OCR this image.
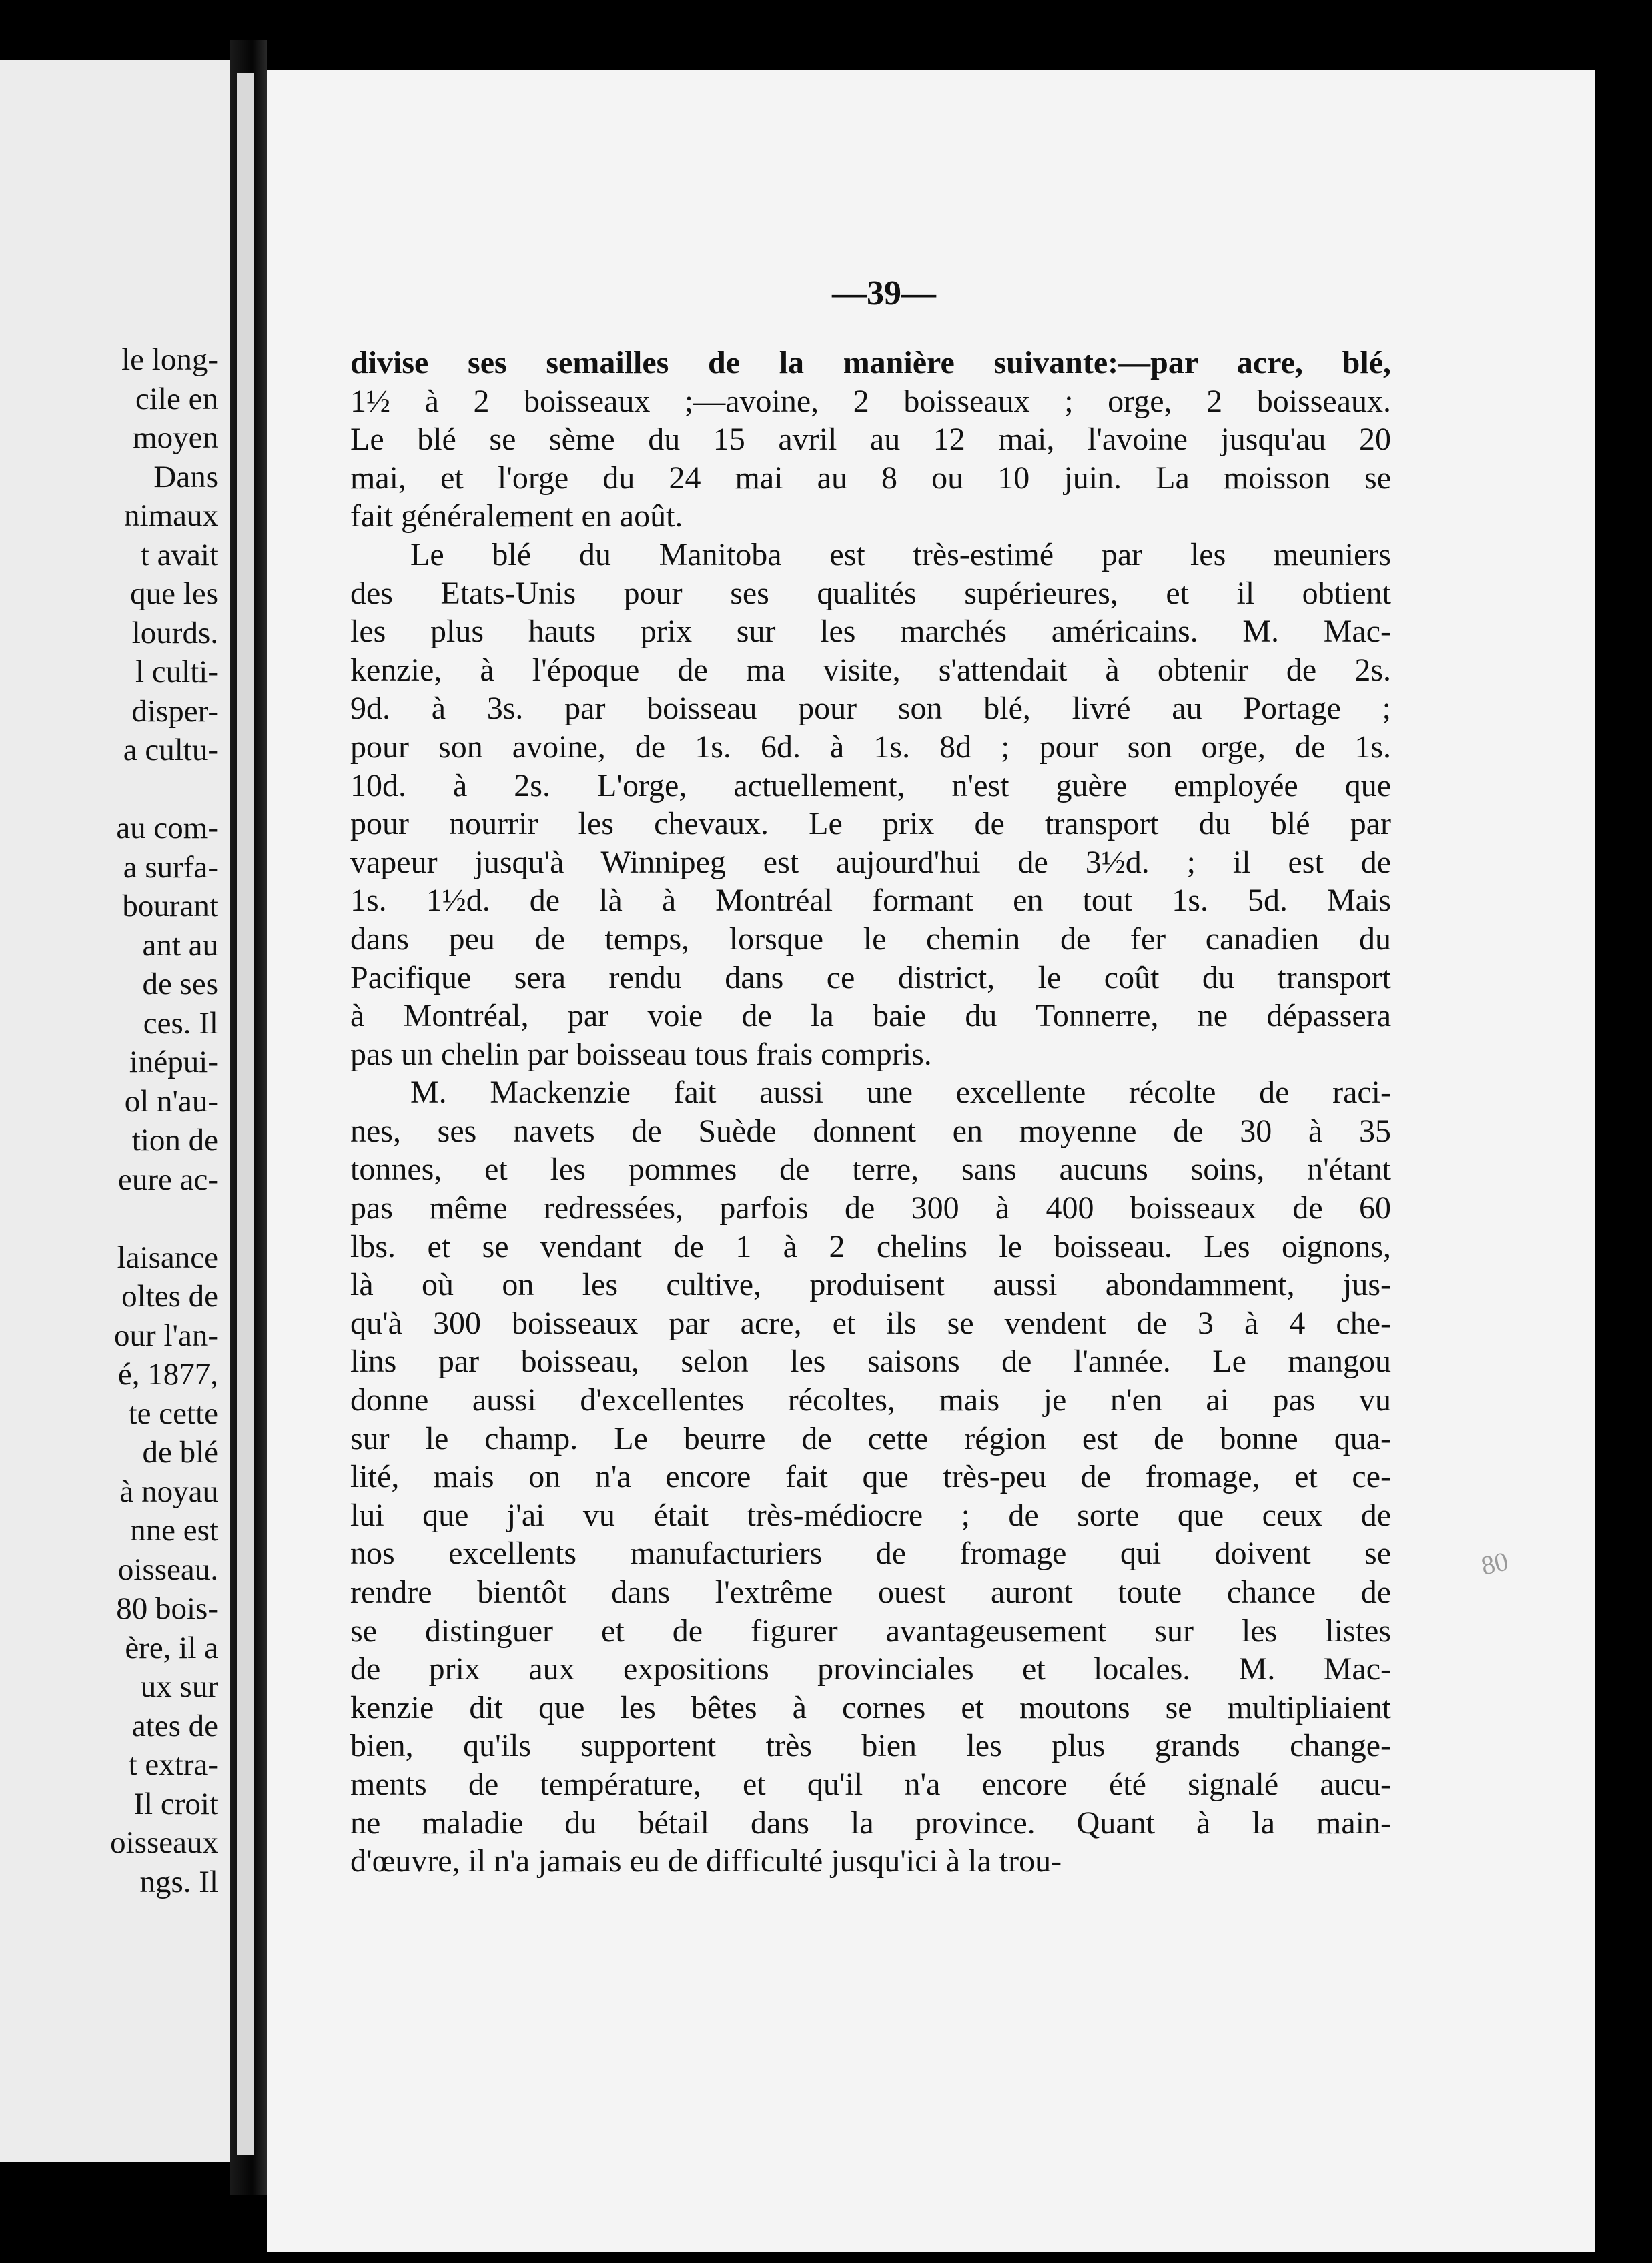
le long-
cile en
moyen
Dans
nimaux
t avait
que les
lourds.
l culti-
disper-
a cultu-
au com-
a surfa-
bourant
ant au
de ses
ces. Il
inépui-
ol n'au-
tion de
eure ac-
laisance
oltes de
our l'an-
é, 1877,
te cette
de blé
à noyau
nne est
oisseau.
80 bois-
ère, il a
ux sur
ates de
t extra-
Il croit
oisseaux
ngs. Il
—39—
divise ses semailles de la manière suivante:—par acre, blé,
1½ à 2 boisseaux ;—avoine, 2 boisseaux ; orge, 2 boisseaux.
Le blé se sème du 15 avril au 12 mai, l'avoine jusqu'au 20
mai, et l'orge du 24 mai au 8 ou 10 juin. La moisson se
fait généralement en août.
Le blé du Manitoba est très-estimé par les meuniers
des Etats-Unis pour ses qualités supérieures, et il obtient
les plus hauts prix sur les marchés américains. M. Mac-
kenzie, à l'époque de ma visite, s'attendait à obtenir de 2s.
9d. à 3s. par boisseau pour son blé, livré au Portage ;
pour son avoine, de 1s. 6d. à 1s. 8d ; pour son orge, de 1s.
10d. à 2s. L'orge, actuellement, n'est guère employée que
pour nourrir les chevaux. Le prix de transport du blé par
vapeur jusqu'à Winnipeg est aujourd'hui de 3½d. ; il est de
1s. 1½d. de là à Montréal formant en tout 1s. 5d. Mais
dans peu de temps, lorsque le chemin de fer canadien du
Pacifique sera rendu dans ce district, le coût du transport
à Montréal, par voie de la baie du Tonnerre, ne dépassera
pas un chelin par boisseau tous frais compris.
M. Mackenzie fait aussi une excellente récolte de raci-
nes, ses navets de Suède donnent en moyenne de 30 à 35
tonnes, et les pommes de terre, sans aucuns soins, n'étant
pas même redressées, parfois de 300 à 400 boisseaux de 60
lbs. et se vendant de 1 à 2 chelins le boisseau. Les oignons,
là où on les cultive, produisent aussi abondamment, jus-
qu'à 300 boisseaux par acre, et ils se vendent de 3 à 4 che-
lins par boisseau, selon les saisons de l'année. Le mangou
donne aussi d'excellentes récoltes, mais je n'en ai pas vu
sur le champ. Le beurre de cette région est de bonne qua-
lité, mais on n'a encore fait que très-peu de fromage, et ce-
lui que j'ai vu était très-médiocre ; de sorte que ceux de
nos excellents manufacturiers de fromage qui doivent se
rendre bientôt dans l'extrême ouest auront toute chance de
se distinguer et de figurer avantageusement sur les listes
de prix aux expositions provinciales et locales. M. Mac-
kenzie dit que les bêtes à cornes et moutons se multipliaient
bien, qu'ils supportent très bien les plus grands change-
ments de température, et qu'il n'a encore été signalé aucu-
ne maladie du bétail dans la province. Quant à la main-
d'œuvre, il n'a jamais eu de difficulté jusqu'ici à la trou-
80
